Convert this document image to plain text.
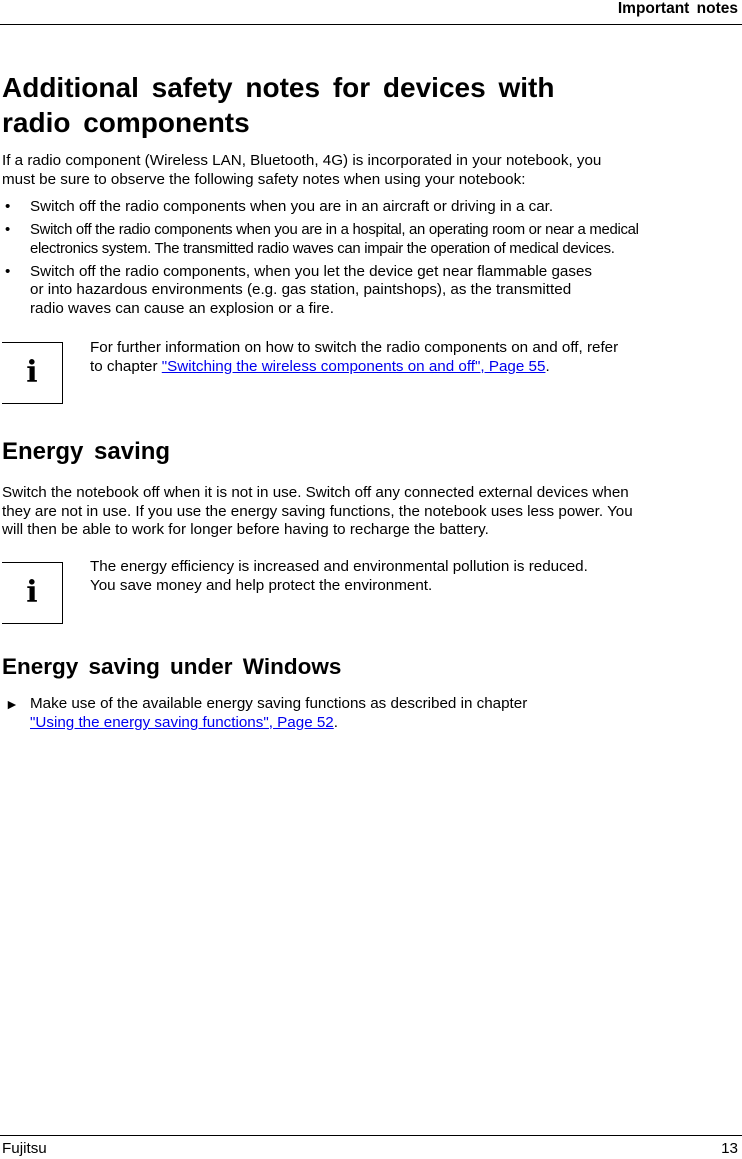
Important notes
Additional safety notes for devices with
radio components

If a radio component (Wireless LAN, Bluetooth, 4G) is incorporated in your notebook, you
must be sure to observe the following safety notes when using your notebook:

• Switch off the radio components when you are in an aircraft or driving in a car.
• Switch off the radio components when you are in a hospital, an operating room or near a medical
electronics system. The transmitted radio waves can impair the operation of medical devices.
• Switch off the radio components, when you let the device get near flammable gases
or into hazardous environments (e.g. gas station, paintshops), as the transmitted
radio waves can cause an explosion or a fire.
i

For further information on how to switch the radio components on and off, refer
to chapter "Switching the wireless components on and off", Page 55.

Energy saving

Switch the notebook off when it is not in use. Switch off any connected external devices when
they are not in use. If you use the energy saving functions, the notebook uses less power. You
will then be able to work for longer before having to recharge the battery.

i

The energy efficiency is increased and environmental pollution is reduced.
You save money and help protect the environment.

Energy saving under Windows
► Make use of the available energy saving functions as described in chapter
"Using the energy saving functions", Page 52.
Fujitsu	13
